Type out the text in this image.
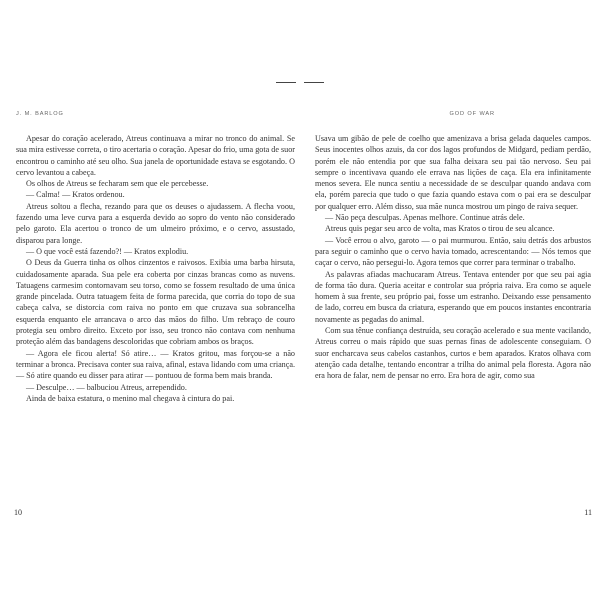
J. M. BARLOG

Apesar do coração acelerado, Atreus continuava a mirar no tronco do animal. Se sua mira estivesse correta, o tiro acertaria o coração. Apesar do frio, uma gota de suor encontrou o caminho até seu olho. Sua janela de oportunidade estava se esgotando. O cervo levantou a cabeça.

Os olhos de Atreus se fecharam sem que ele percebesse.

— Calma! — Kratos ordenou.

Atreus soltou a flecha, rezando para que os deuses o ajudassem. A flecha voou, fazendo uma leve curva para a esquerda devido ao sopro do vento não considerado pelo garoto. Ela acertou o tronco de um ulmeiro próximo, e o cervo, assustado, disparou para longe.

— O que você está fazendo?! — Kratos explodiu.

O Deus da Guerra tinha os olhos cinzentos e raivosos. Exibia uma barba hirsuta, cuidadosamente aparada. Sua pele era coberta por cinzas brancas como as nuvens. Tatuagens carmesim contornavam seu torso, como se fossem resultado de uma única grande pincelada. Outra tatuagem feita de forma parecida, que corria do topo de sua cabeça calva, se distorcia com raiva no ponto em que cruzava sua sobrancelha esquerda enquanto ele arrancava o arco das mãos do filho. Um rebraço de couro protegia seu ombro direito. Exceto por isso, seu tronco não contava com nenhuma proteção além das bandagens descoloridas que cobriam ambos os braços.

— Agora ele ficou alerta! Só atire… — Kratos gritou, mas forçou-se a não terminar a bronca. Precisava conter sua raiva, afinal, estava lidando com uma criança. — Só atire quando eu disser para atirar — pontuou de forma bem mais branda.

— Desculpe… — balbuciou Atreus, arrependido.

Ainda de baixa estatura, o menino mal chegava à cintura do pai.

10
GOD OF WAR

Usava um gibão de pele de coelho que amenizava a brisa gelada daqueles campos. Seus inocentes olhos azuis, da cor dos lagos profundos de Midgard, pediam perdão, porém ele não entendia por que sua falha deixara seu pai tão nervoso. Seu pai sempre o incentivava quando ele errava nas lições de caça. Ela era infinitamente menos severa. Ele nunca sentiu a necessidade de se desculpar quando andava com ela, porém parecia que tudo o que fazia quando estava com o pai era se desculpar por qualquer erro. Além disso, sua mãe nunca mostrou um pingo de raiva sequer.

— Não peça desculpas. Apenas melhore. Continue atrás dele.

Atreus quis pegar seu arco de volta, mas Kratos o tirou de seu alcance.

— Você errou o alvo, garoto — o pai murmurou. Então, saiu detrás dos arbustos para seguir o caminho que o cervo havia tomado, acrescentando: — Nós temos que caçar o cervo, não persegui-lo. Agora temos que correr para terminar o trabalho.

As palavras afiadas machucaram Atreus. Tentava entender por que seu pai agia de forma tão dura. Queria aceitar e controlar sua própria raiva. Era como se aquele homem à sua frente, seu próprio pai, fosse um estranho. Deixando esse pensamento de lado, correu em busca da criatura, esperando que em poucos instantes encontraria novamente as pegadas do animal.

Com sua tênue confiança destruída, seu coração acelerado e sua mente vacilando, Atreus correu o mais rápido que suas pernas finas de adolescente conseguiam. O suor encharcava seus cabelos castanhos, curtos e bem aparados. Kratos olhava com atenção cada detalhe, tentando encontrar a trilha do animal pela floresta. Agora não era hora de falar, nem de pensar no erro. Era hora de agir, como sua

11
